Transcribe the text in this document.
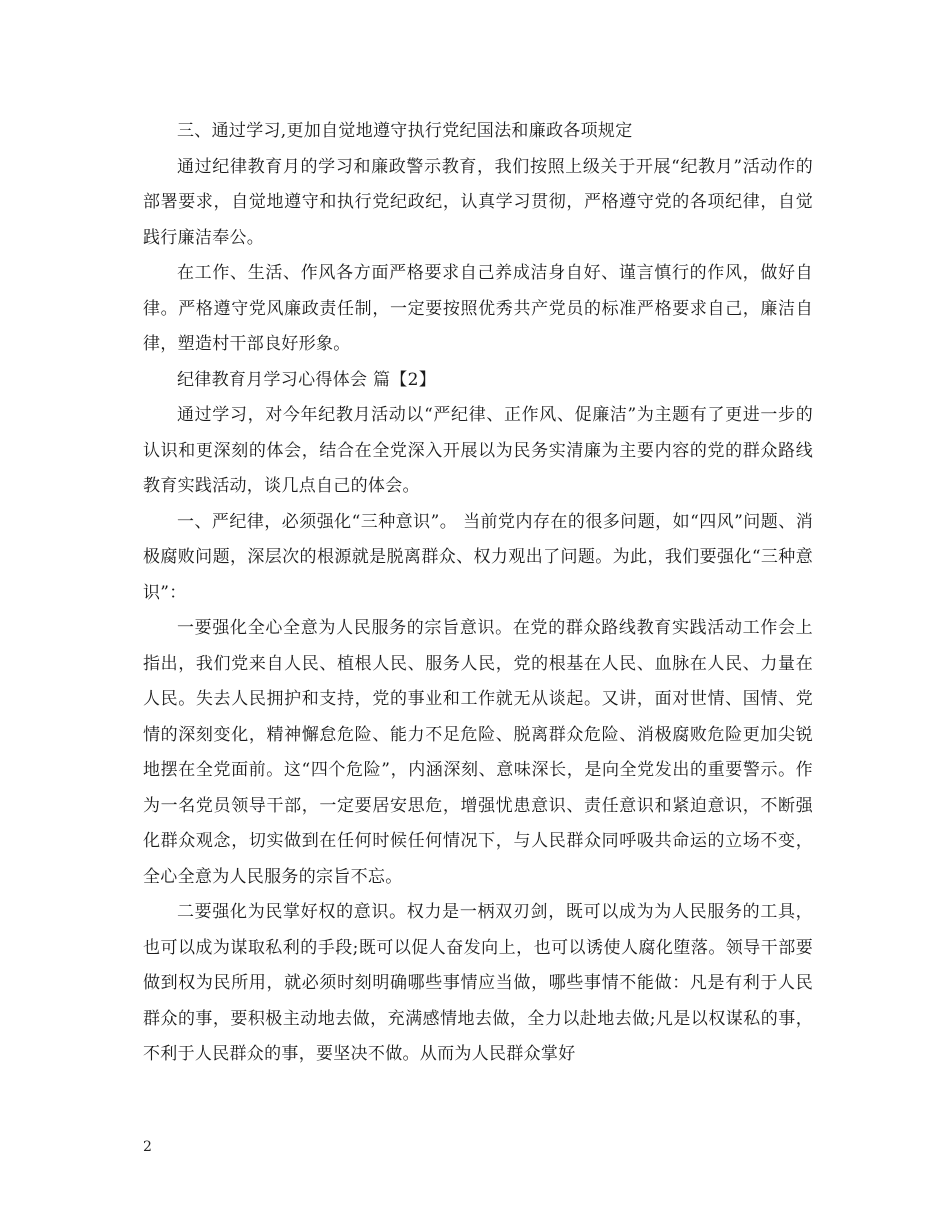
三、通过学习,更加自觉地遵守执行党纪国法和廉政各项规定

通过纪律教育月的学习和廉政警示教育，我们按照上级关于开展“纪教月”活动作的部署要求，自觉地遵守和执行党纪政纪，认真学习贯彻，严格遵守党的各项纪律，自觉践行廉洁奉公。

在工作、生活、作风各方面严格要求自己养成洁身自好、谨言慎行的作风，做好自律。严格遵守党风廉政责任制，一定要按照优秀共产党员的标准严格要求自己，廉洁自律，塑造村干部良好形象。

纪律教育月学习心得体会 篇【2】

通过学习，对今年纪教月活动以“严纪律、正作风、促廉洁”为主题有了更进一步的认识和更深刻的体会，结合在全党深入开展以为民务实清廉为主要内容的党的群众路线教育实践活动，谈几点自己的体会。

一、严纪律，必须强化“三种意识”。 当前党内存在的很多问题，如“四风”问题、消极腐败问题，深层次的根源就是脱离群众、权力观出了问题。为此，我们要强化“三种意识”：

一要强化全心全意为人民服务的宗旨意识。在党的群众路线教育实践活动工作会上指出，我们党来自人民、植根人民、服务人民，党的根基在人民、血脉在人民、力量在人民。失去人民拥护和支持，党的事业和工作就无从谈起。又讲，面对世情、国情、党情的深刻变化，精神懈怠危险、能力不足危险、脱离群众危险、消极腐败危险更加尖锐地摆在全党面前。这“四个危险”，内涵深刻、意味深长，是向全党发出的重要警示。作为一名党员领导干部，一定要居安思危，增强忧患意识、责任意识和紧迫意识，不断强化群众观念，切实做到在任何时候任何情况下，与人民群众同呼吸共命运的立场不变，全心全意为人民服务的宗旨不忘。

二要强化为民掌好权的意识。权力是一柄双刃剑，既可以成为为人民服务的工具，也可以成为谋取私利的手段;既可以促人奋发向上，也可以诱使人腐化堕落。领导干部要做到权为民所用，就必须时刻明确哪些事情应当做，哪些事情不能做：凡是有利于人民群众的事，要积极主动地去做，充满感情地去做，全力以赴地去做;凡是以权谋私的事，不利于人民群众的事，要坚决不做。从而为人民群众掌好

2
